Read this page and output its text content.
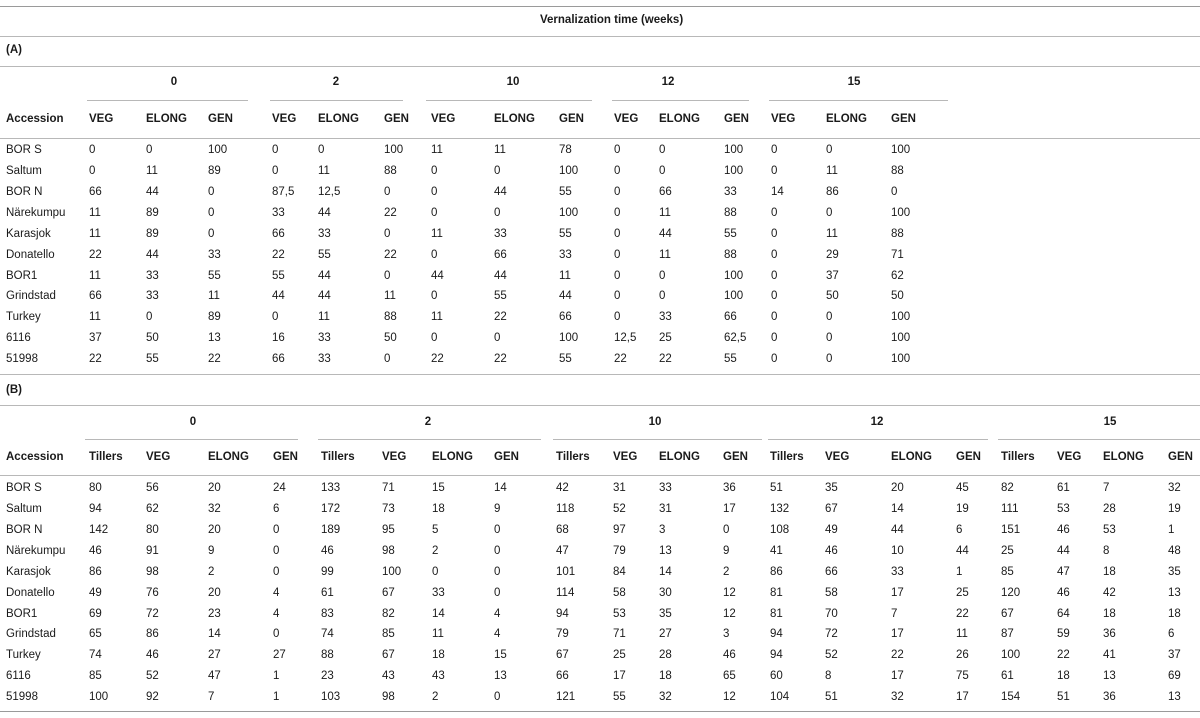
Vernalization time (weeks)
(A)
0	2	10	12	15
Accession VEG	ELONG GEN	VEG ELONG GEN VEG	ELONG GEN	VEG ELONG GEN VEG	ELONG GEN
BOR S	0	0	100	0	0	100 11	11	78	0	0	100 0	0	100
Saltum	0	11	89	0	11	88	0	0	100	0	0	100 0	11	88
BOR N	66	44	0	87,5 12,5	0	0	44	55	0	66	33	14	86	0
Närekumpu 11	89	0	33	44	22	0	0	100	0	11	88	0	0	100
Karasjok	11	89	0	66	33	0	11	33	55	0	44	55	0	11	88
Donatello	22	44	33	22	55	22	0	66	33	0	11	88	0	29	71
BOR1	11	33	55	55	44	0	44	44	11	0	0	100 0	37	62
Grindstad	66	33	11	44	44	11	0	55	44	0	0	100 0	50	50
Turkey	11	0	89	0	11	88	11	22	66	0	33	66	0	0	100
6116	37	50	13	16	33	50	0	0	100	12,5 25	62,5 0	0	100
51998	22	55	22	66	33	0	22	22	55	22	22	55	0	0	100
(B)
0	2	10	12	15
Accession Tillers VEG	ELONG GEN Tillers VEG ELONG GEN	Tillers VEG ELONG GEN Tillers VEG	ELONG GEN Tillers VEG ELONG GEN
BOR S	80	56	20	24	133	71	15	14	42	31	33	36	51	35	20	45	82	61	7	32
Saltum	94	62	32	6	172	73	18	9	118	52	31	17	132	67	14	19	111	53	28	19
BOR N	142	80	20	0	189	95	5	0	68	97	3	0	108	49	44	6	151	46	53	1
Närekumpu 46	91	9	0	46	98	2	0	47	79	13	9	41	46	10	44	25	44	8	48
Karasjok	86	98	2	0	99	100	0	0	101	84	14	2	86	66	33	1	85	47	18	35
Donatello	49	76	20	4	61	67	33	0	114	58	30	12	81	58	17	25	120	46	42	13
BOR1	69	72	23	4	83	82	14	4	94	53	35	12	81	70	7	22	67	64	18	18
Grindstad	65	86	14	0	74	85	11	4	79	71	27	3	94	72	17	11	87	59	36	6
Turkey	74	46	27	27	88	67	18	15	67	25	28	46	94	52	22	26	100	22	41	37
6116	85	52	47	1	23	43	43	13	66	17	18	65	60	8	17	75	61	18	13	69
51998	100	92	7	1	103	98	2	0	121	55	32	12	104	51	32	17	154	51	36	13
